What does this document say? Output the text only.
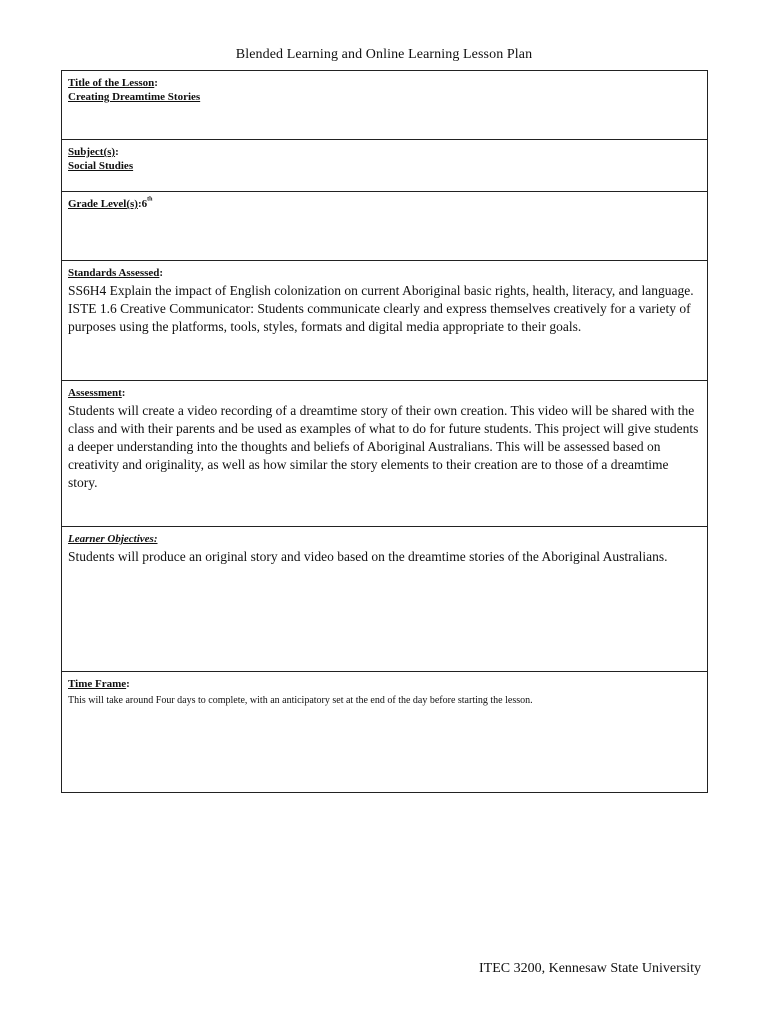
Blended Learning and Online Learning Lesson Plan
Title of the Lesson:
Creating Dreamtime Stories

Subject(s):
Social Studies

Grade Level(s):6th
Standards Assessed:

SS6H4 Explain the impact of English colonization on current Aboriginal basic rights, health, literacy, and language.

ISTE 1.6 Creative Communicator: Students communicate clearly and express themselves creatively for a variety of purposes using the platforms, tools, styles, formats and digital media appropriate to their goals.

Assessment:

Students will create a video recording of a dreamtime story of their own creation. This video will be shared with the class and with their parents and be used as examples of what to do for future students. This project will give students a deeper understanding into the thoughts and beliefs of Aboriginal Australians. This will be assessed based on creativity and originality, as well as how similar the story elements to their creation are to those of a dreamtime story.

Learner Objectives:

Students will produce an original story and video based on the dreamtime stories of the Aboriginal Australians.

Time Frame:

This will take around Four days to complete, with an anticipatory set at the end of the day before starting the lesson.

ITEC 3200, Kennesaw State University
